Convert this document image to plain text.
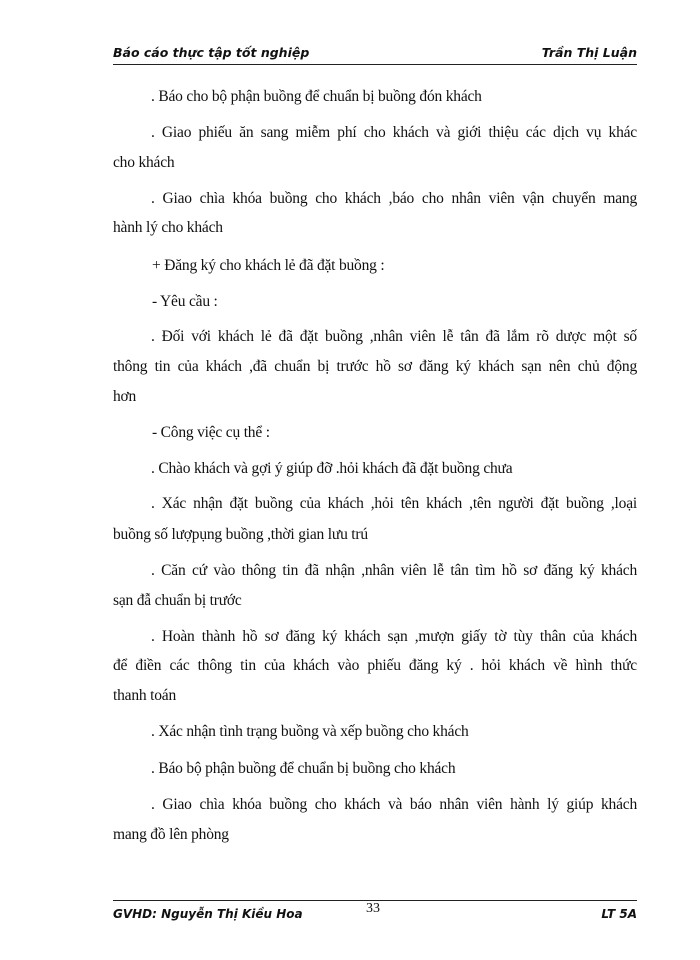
Báo cáo thực tập tốt nghiệp	Trần Thị Luận
. Báo cho bộ phận buồng để chuẩn bị buồng đón khách
. Giao phiếu ăn sang miễm phí cho khách và giới thiệu các dịch vụ khác
cho khách
. Giao chìa khóa buồng cho khách ,báo cho nhân viên vận chuyển mang
hành lý cho khách
+ Đăng ký cho khách lẻ đã đặt buồng :
- Yêu cầu :
. Đối với khách lẻ đã đặt buồng ,nhân viên lễ tân đã lắm rõ dược một số
thông tin của khách ,đã chuẩn bị trước hồ sơ đăng ký khách sạn nên chủ động
hơn
- Công việc cụ thể :
. Chào khách và gợi ý giúp đỡ .hỏi khách đã đặt buồng chưa
. Xác nhận đặt buồng của khách ,hỏi tên khách ,tên người đặt buồng ,loại
buồng số lượpụng buồng ,thời gian lưu trú
. Căn cứ vào thông tin đã nhận ,nhân viên lễ tân tìm hồ sơ đăng ký khách
sạn đẫ chuẩn bị trước
. Hoàn thành hồ sơ đăng ký khách sạn ,mượn giấy tờ tùy thân của khách
để điền các thông tin của khách vào phiếu đăng ký . hỏi khách về hình thức
thanh toán
. Xác nhận tình trạng buồng và xếp buồng cho khách
. Báo bộ phận buồng để chuẩn bị buồng cho khách
. Giao chìa khóa buồng cho khách và báo nhân viên hành lý giúp khách
mang đồ lên phòng
GVHD: Nguyễn Thị Kiều Hoa	33	LT 5A
